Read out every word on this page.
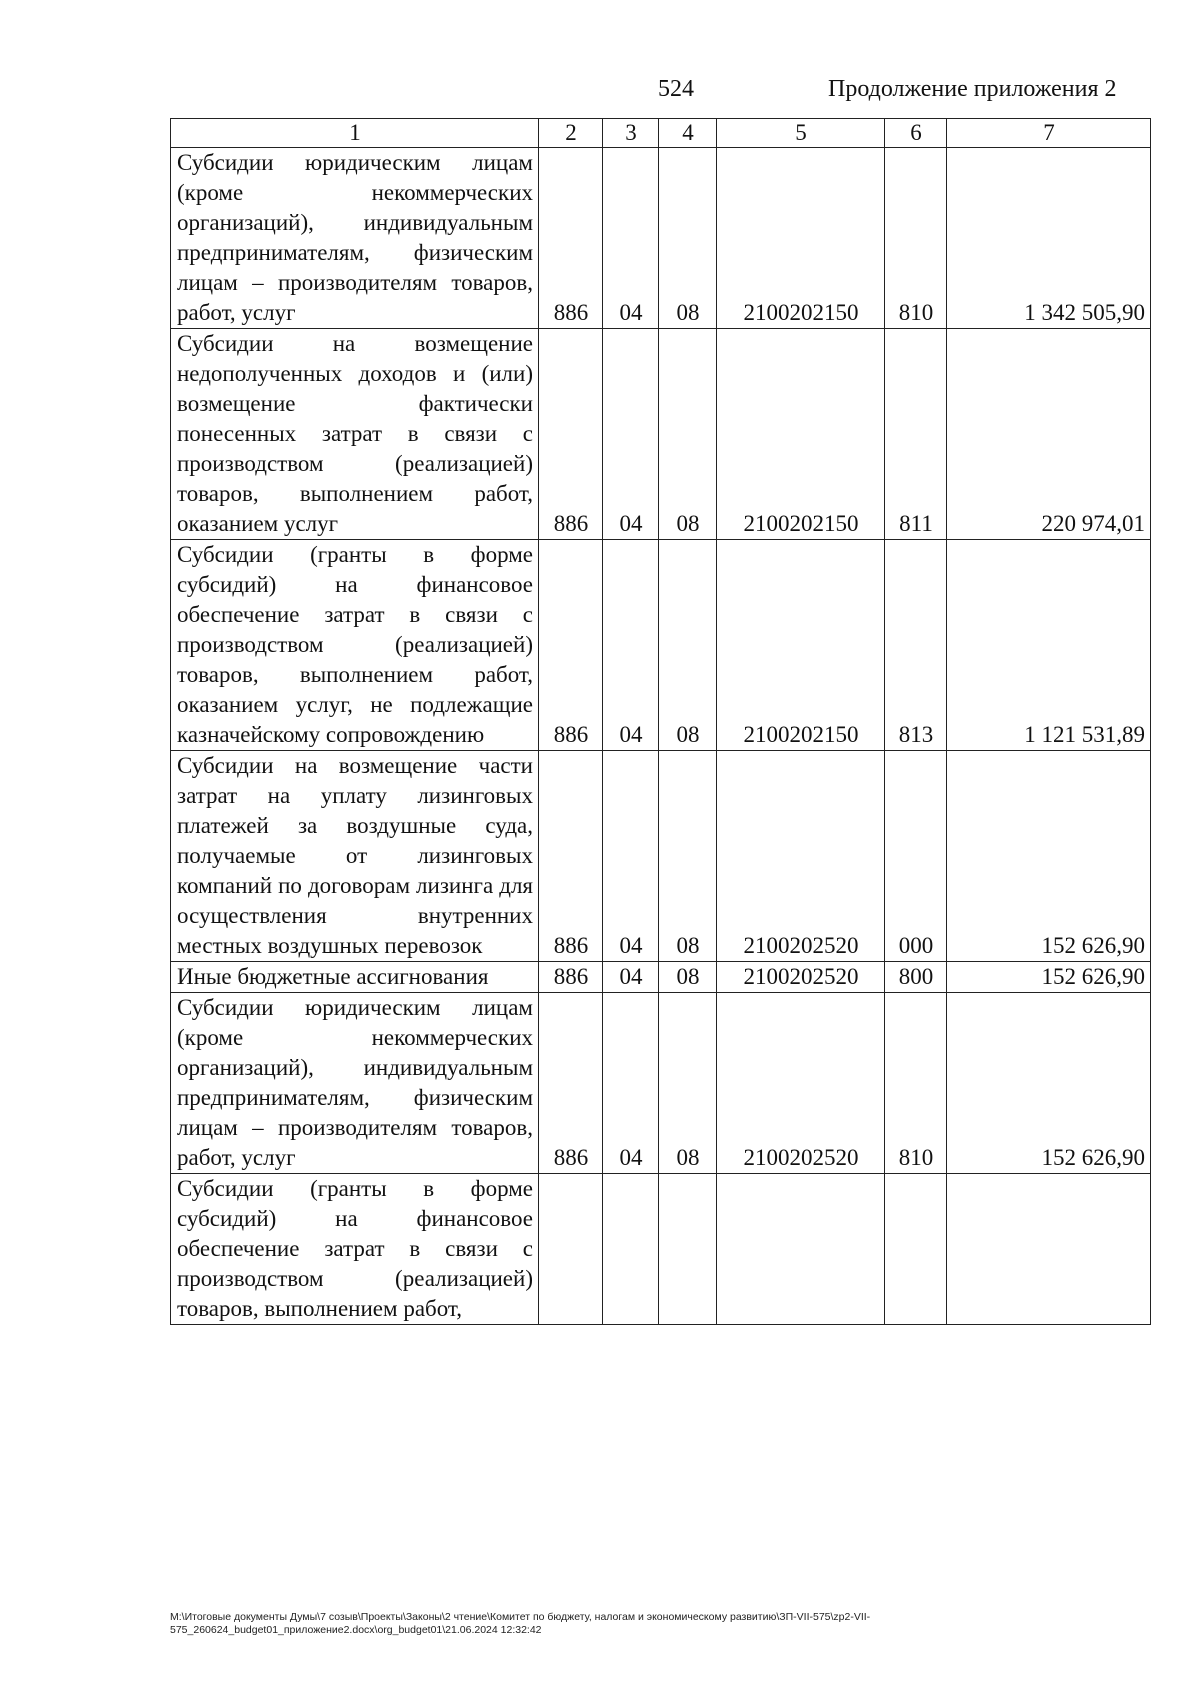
524	Продолжение приложения 2
1	2	3	4	5	6	7
Субсидии юридическим лицам (кроме некоммерческих организаций), индивидуальным предпринимателям, физическим лицам – производителям товаров, работ, услуг	886	04	08	2100202150	810	1 342 505,90
Субсидии на возмещение недополученных доходов и (или) возмещение фактически понесенных затрат в связи с производством (реализацией) товаров, выполнением работ, оказанием услуг	886	04	08	2100202150	811	220 974,01
Субсидии (гранты в форме субсидий) на финансовое обеспечение затрат в связи с производством (реализацией) товаров, выполнением работ, оказанием услуг, не подлежащие казначейскому сопровождению	886	04	08	2100202150	813	1 121 531,89
Субсидии на возмещение части затрат на уплату лизинговых платежей за воздушные суда, получаемые от лизинговых компаний по договорам лизинга для осуществления внутренних местных воздушных перевозок	886	04	08	2100202520	000	152 626,90
Иные бюджетные ассигнования	886	04	08	2100202520	800	152 626,90
Субсидии юридическим лицам (кроме некоммерческих организаций), индивидуальным предпринимателям, физическим лицам – производителям товаров, работ, услуг	886	04	08	2100202520	810	152 626,90
Субсидии (гранты в форме субсидий) на финансовое обеспечение затрат в связи с производством (реализацией) товаров, выполнением работ,						
M:\Итоговые документы Думы\7 созыв\Проекты\Законы\2 чтение\Комитет по бюджету, налогам и экономическому развитию\ЗП-VII-575\zp2-VII-575_260624_budget01_приложение2.docx\org_budget01\21.06.2024 12:32:42
